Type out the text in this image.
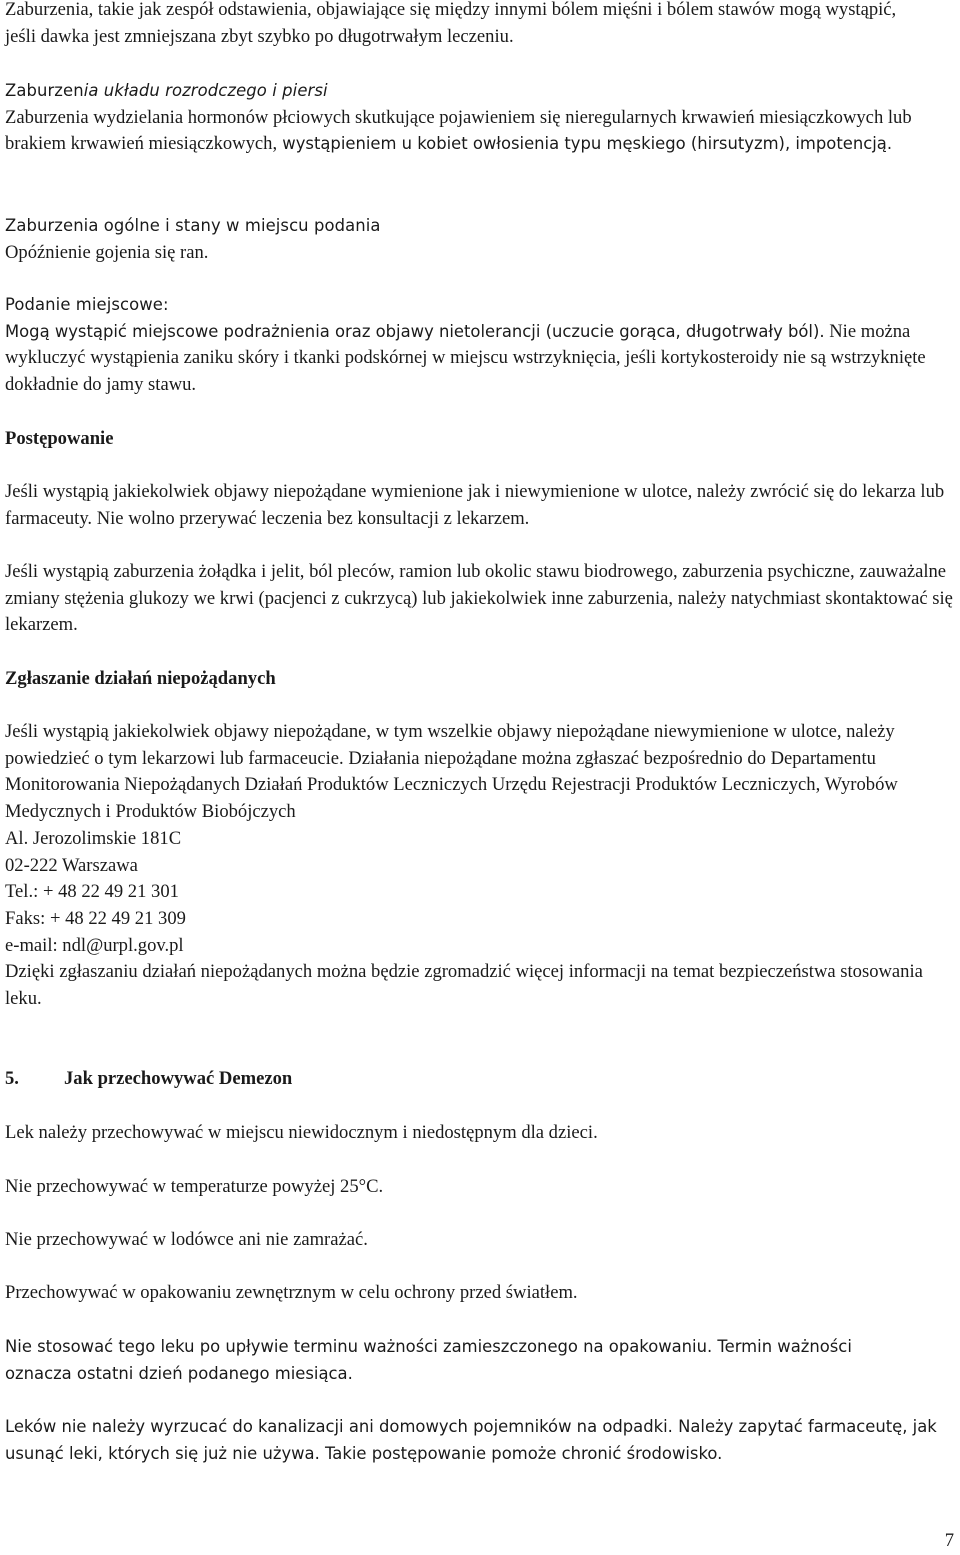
Zaburzenia, takie jak zespół odstawienia, objawiające się między innymi bólem mięśni i bólem stawów mogą wystąpić, jeśli dawka jest zmniejszana zbyt szybko po długotrwałym leczeniu.

Zaburzenia układu rozrodczego i piersi

Zaburzenia wydzielania hormonów płciowych skutkujące pojawieniem się nieregularnych krwawień miesiączkowych lub brakiem krwawień miesiączkowych, wystąpieniem u kobiet owłosienia typu męskiego (hirsutyzm), impotencją.

Zaburzenia ogólne i stany w miejscu podania

Opóźnienie gojenia się ran.

Podanie miejscowe:

Mogą wystąpić miejscowe podrażnienia oraz objawy nietolerancji (uczucie gorąca, długotrwały ból). Nie można wykluczyć wystąpienia zaniku skóry i tkanki podskórnej w miejscu wstrzyknięcia, jeśli kortykosteroidy nie są wstrzyknięte dokładnie do jamy stawu.

Postępowanie

Jeśli wystąpią jakiekolwiek objawy niepożądane wymienione jak i niewymienione w ulotce, należy zwrócić się do lekarza lub farmaceuty. Nie wolno przerywać leczenia bez konsultacji z lekarzem.

Jeśli wystąpią zaburzenia żołądka i jelit, ból pleców, ramion lub okolic stawu biodrowego, zaburzenia psychiczne, zauważalne zmiany stężenia glukozy we krwi (pacjenci z cukrzycą) lub jakiekolwiek inne zaburzenia, należy natychmiast skontaktować się lekarzem.

Zgłaszanie działań niepożądanych

Jeśli wystąpią jakiekolwiek objawy niepożądane, w tym wszelkie objawy niepożądane niewymienione w ulotce, należy powiedzieć o tym lekarzowi lub farmaceucie. Działania niepożądane można zgłaszać bezpośrednio do Departamentu Monitorowania Niepożądanych Działań Produktów Leczniczych Urzędu Rejestracji Produktów Leczniczych, Wyrobów Medycznych i Produktów Biobójczych

Al. Jerozolimskie 181C

02-222 Warszawa

Tel.: + 48 22 49 21 301

Faks: + 48 22 49 21 309

e-mail: ndl@urpl.gov.pl

Dzięki zgłaszaniu działań niepożądanych można będzie zgromadzić więcej informacji na temat bezpieczeństwa stosowania leku.

5. Jak przechowywać Demezon

Lek należy przechowywać w miejscu niewidocznym i niedostępnym dla dzieci.

Nie przechowywać w temperaturze powyżej 25°C.

Nie przechowywać w lodówce ani nie zamrażać.

Przechowywać w opakowaniu zewnętrznym w celu ochrony przed światłem.

Nie stosować tego leku po upływie terminu ważności zamieszczonego na opakowaniu. Termin ważności oznacza ostatni dzień podanego miesiąca.

Leków nie należy wyrzucać do kanalizacji ani domowych pojemników na odpadki. Należy zapytać farmaceutę, jak usunąć leki, których się już nie używa. Takie postępowanie pomoże chronić środowisko.

7
